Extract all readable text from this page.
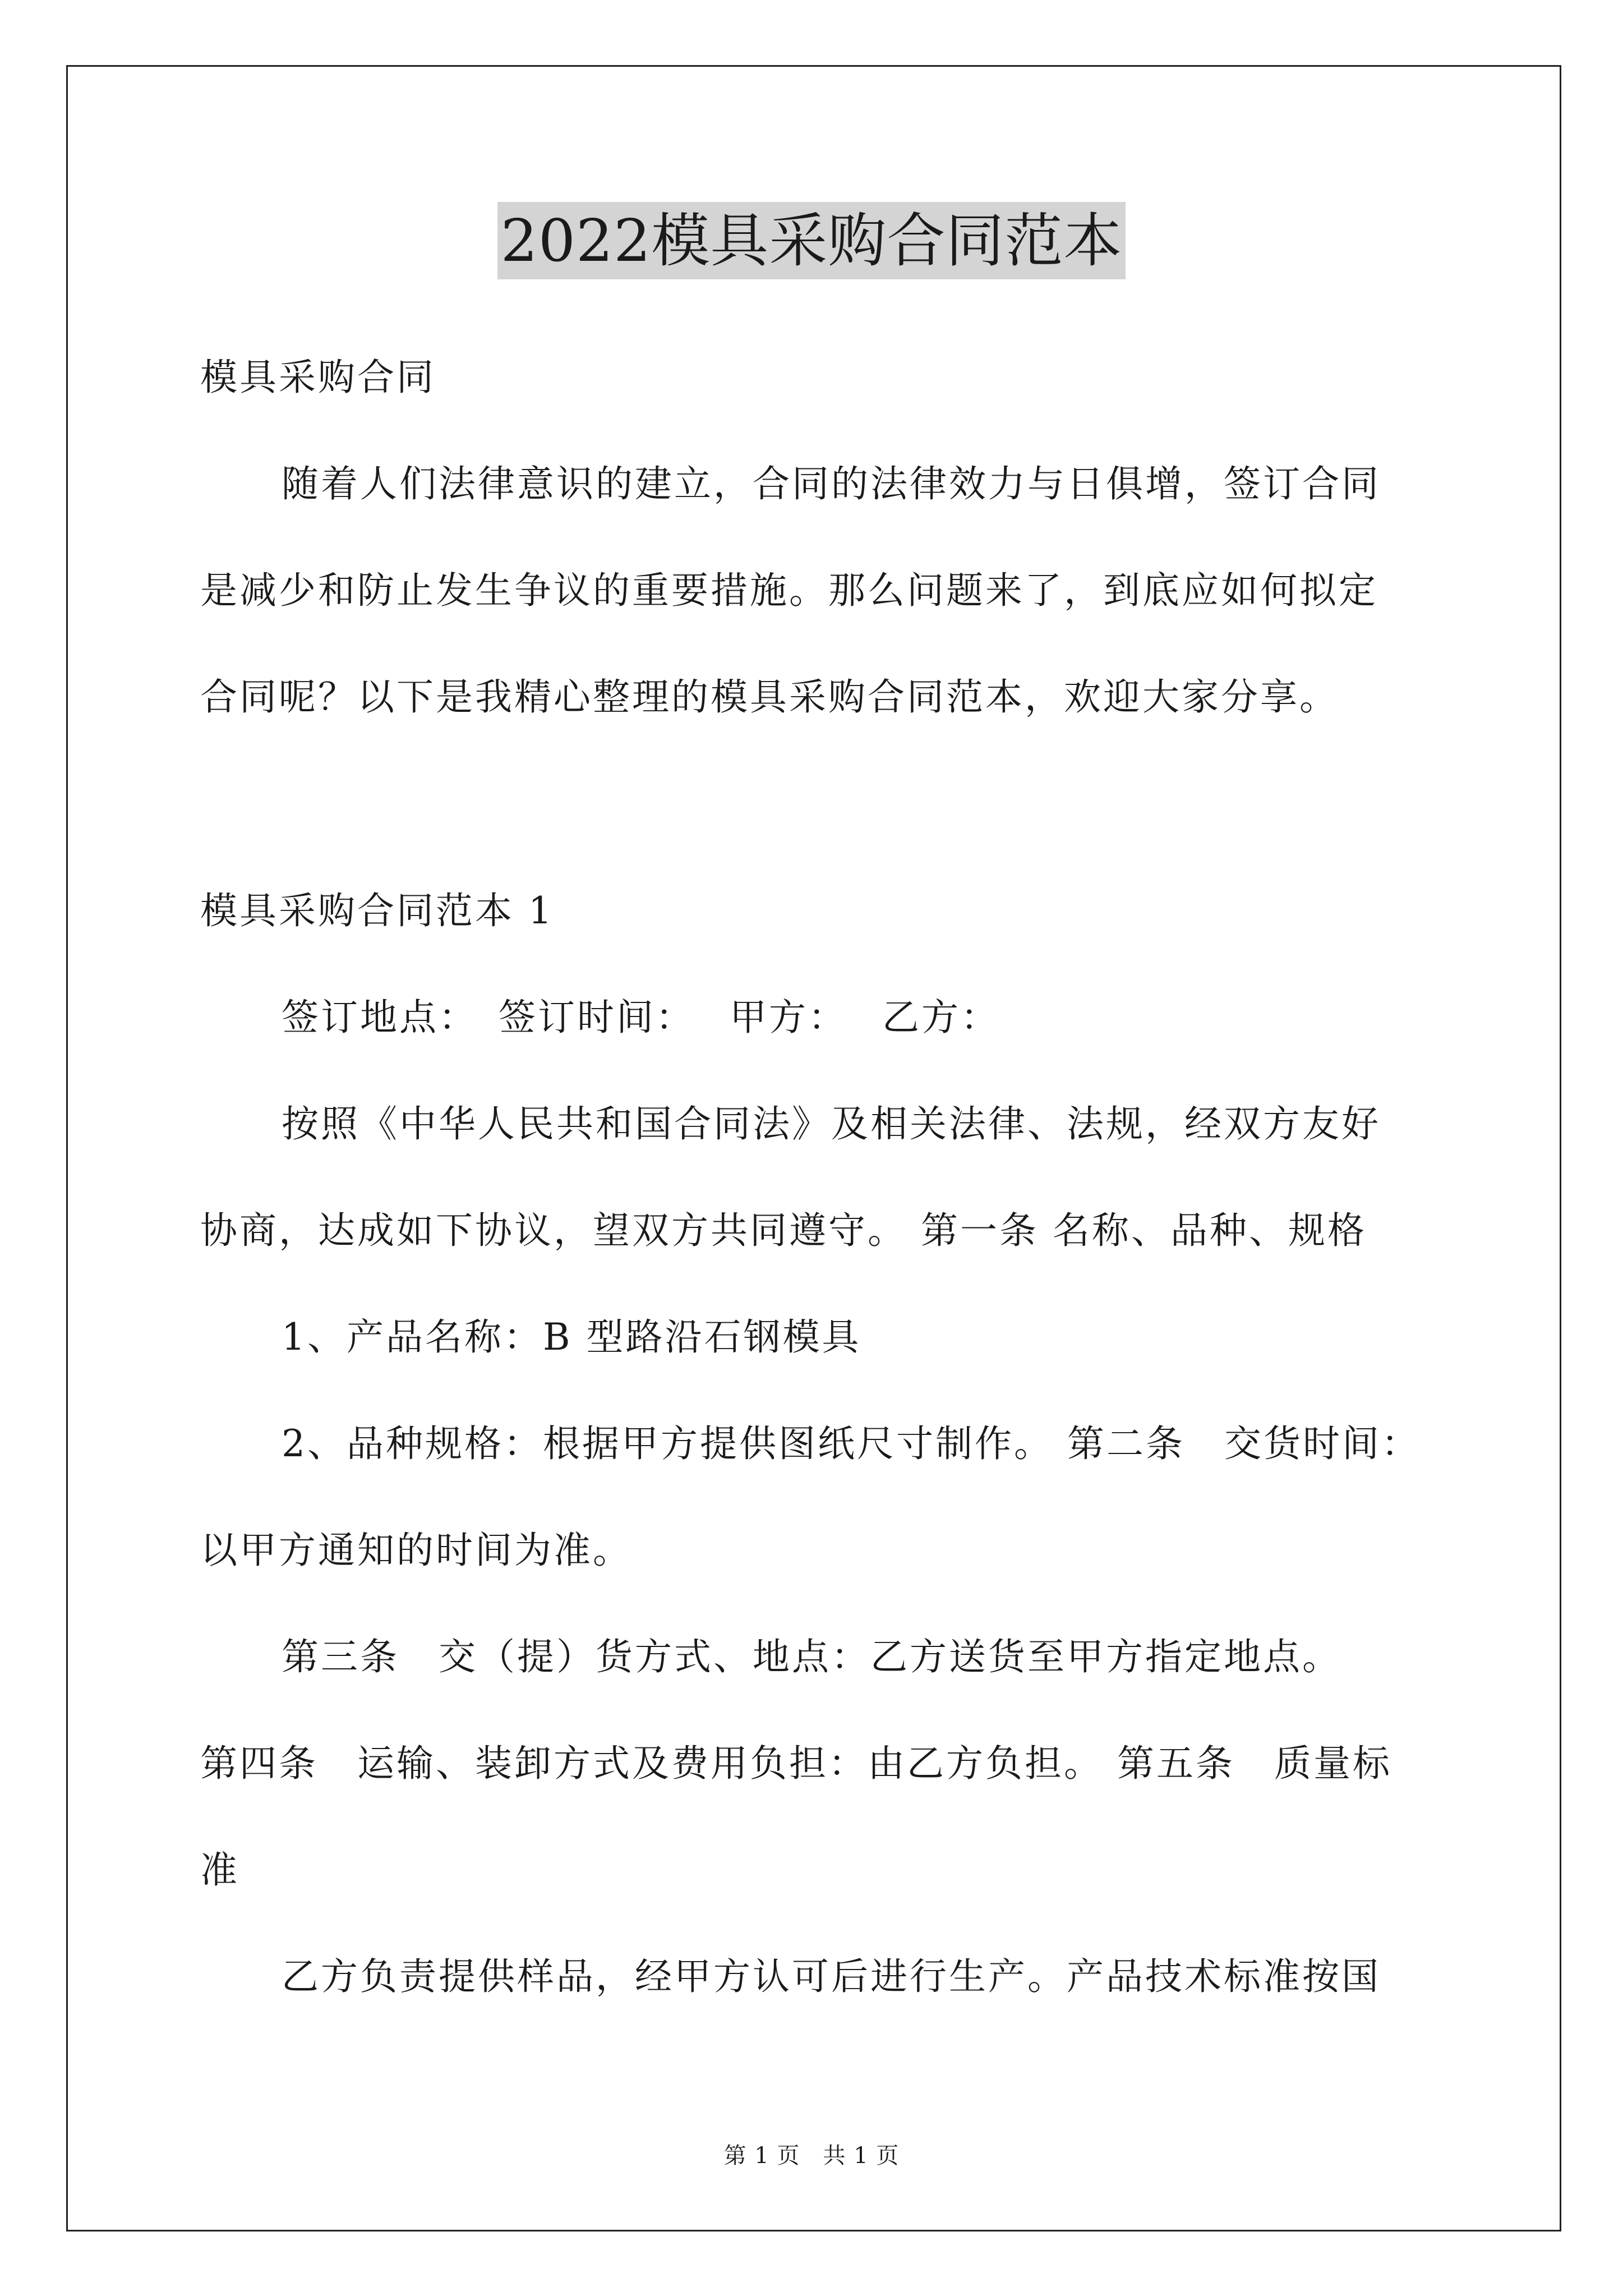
2022模具采购合同范本
模具采购合同
随着人们法律意识的建立，合同的法律效力与日俱增，签订合同
是减少和防止发生争议的重要措施。那么问题来了，到底应如何拟定
合同呢？以下是我精心整理的模具采购合同范本，欢迎大家分享。
模具采购合同范本 1
签订地点：　签订时间：　 甲方：　 乙方：
按照《中华人民共和国合同法》及相关法律、法规，经双方友好
协商，达成如下协议，望双方共同遵守。 第一条 名称、品种、规格
1、产品名称：B 型路沿石钢模具
2、品种规格：根据甲方提供图纸尺寸制作。 第二条　交货时间：
以甲方通知的时间为准。
第三条　交（提）货方式、地点：乙方送货至甲方指定地点。
第四条　运输、装卸方式及费用负担：由乙方负担。 第五条　质量标
准
乙方负责提供样品，经甲方认可后进行生产。产品技术标准按国
第 1 页　共 1 页
